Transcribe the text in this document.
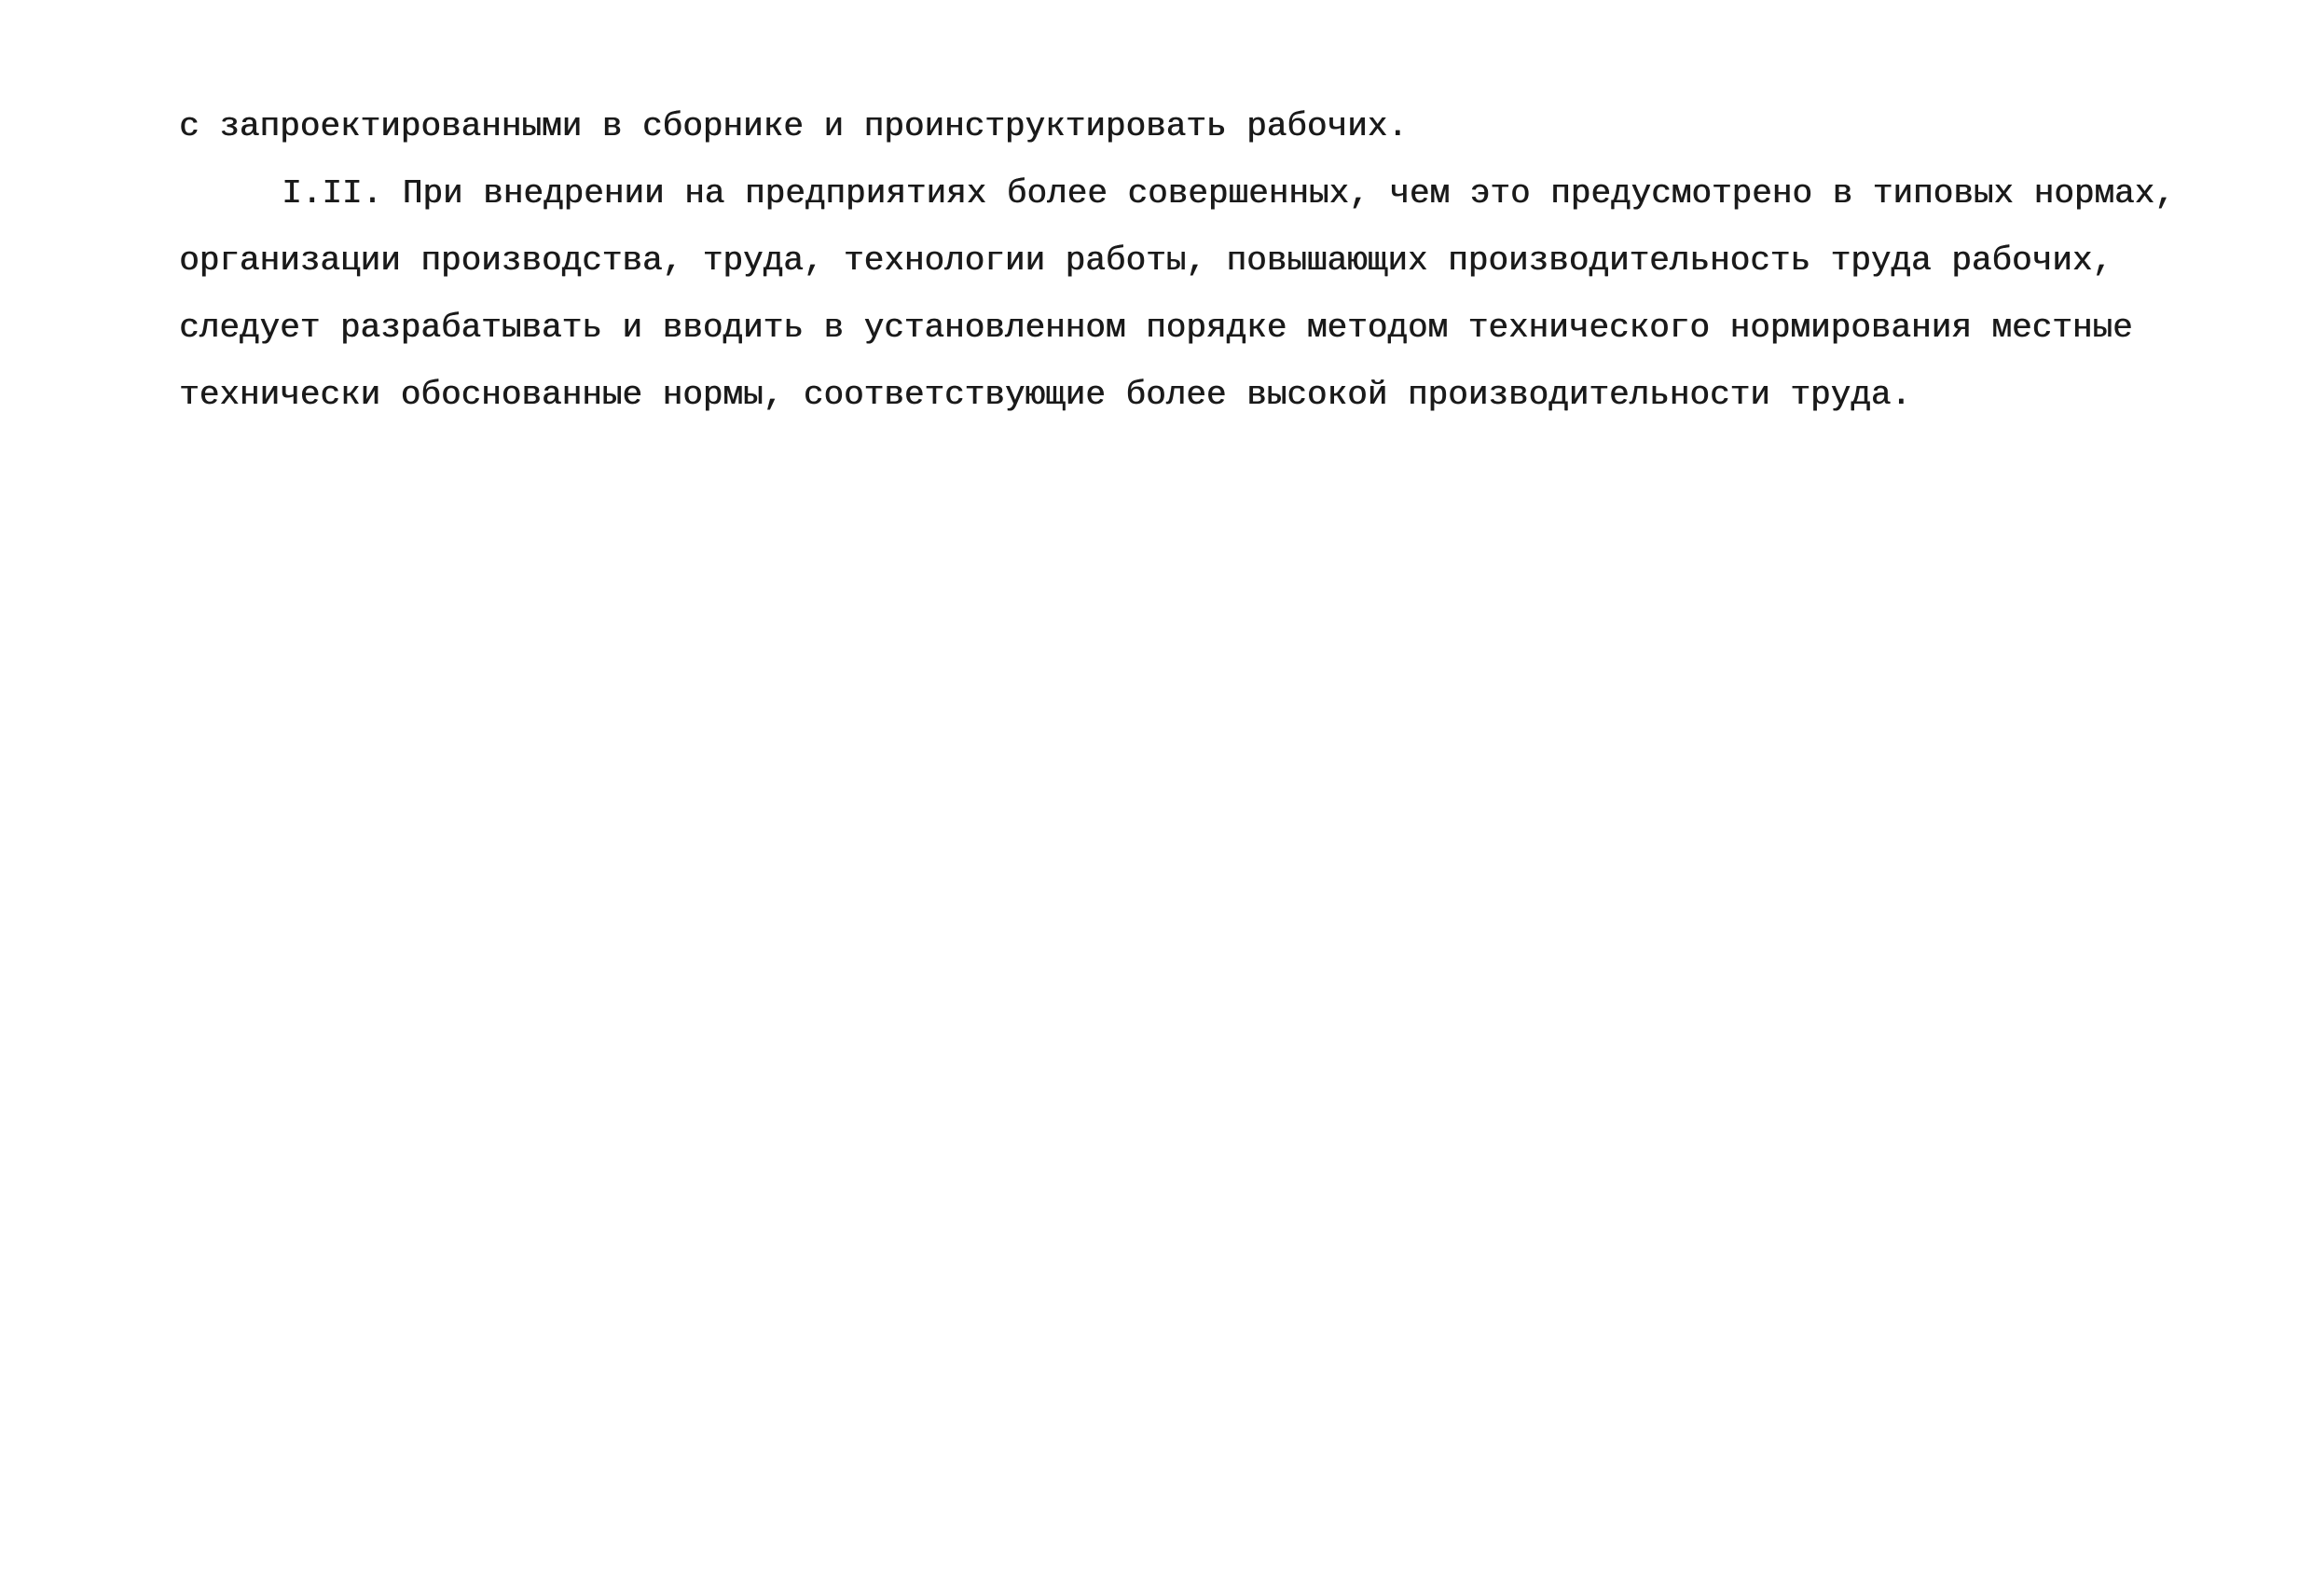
с запроектированными в сборнике и проинструктировать рабочих.
I.II. При внедрении на предприятиях более совершенных, чем это предусмотрено в типовых нормах,
организации производства, труда, технологии работы, повышающих производительность труда рабочих,
следует разрабатывать и вводить в установленном порядке методом технического нормирования местные
технически обоснованные нормы, соответствующие более высокой производительности труда.
